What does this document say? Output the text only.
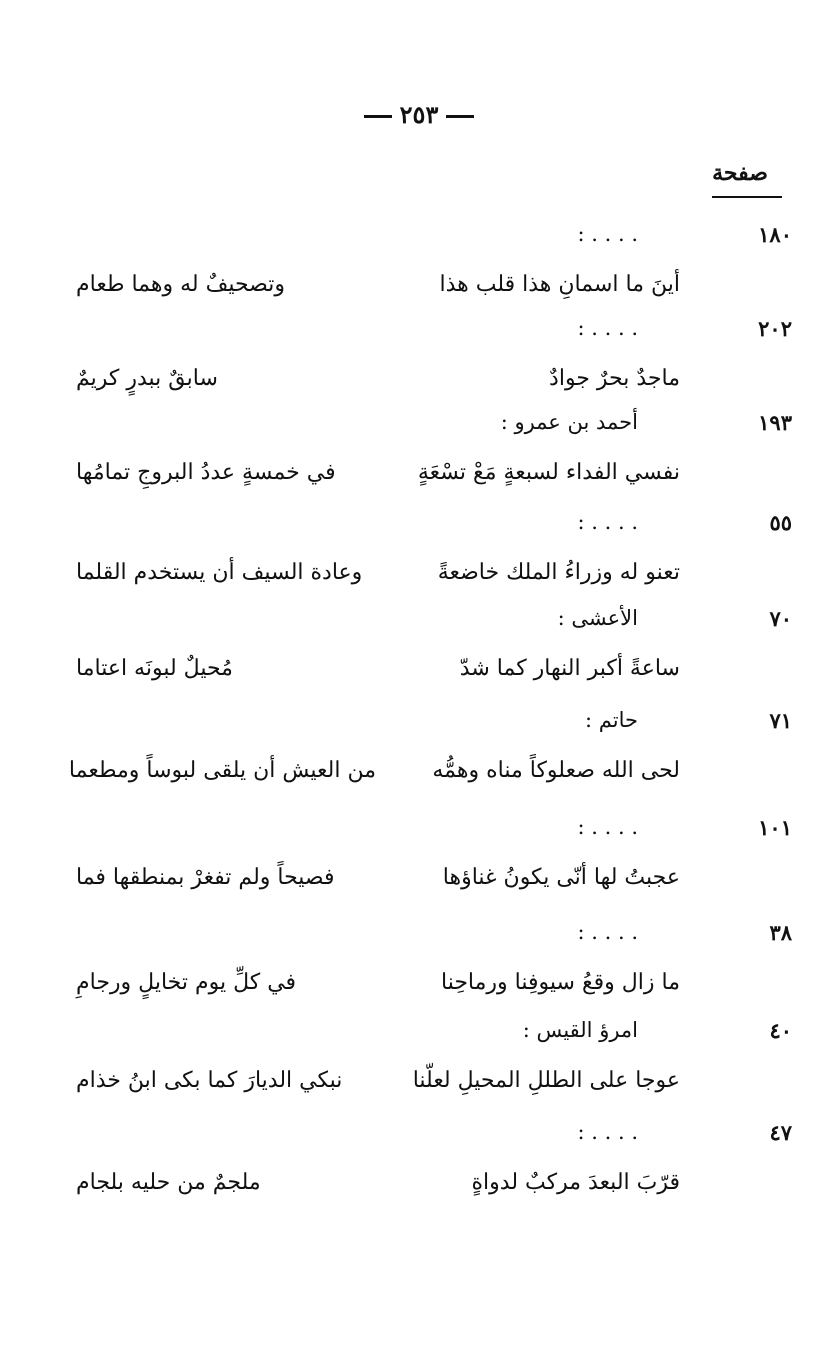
٢٥٣
صفحة
١٨٠
. . . . :
أينَ ما اسمانِ هذا قلب هذا
وتصحيفٌ له وهما طعام
٢٠٢
. . . . :
ماجدٌ بحرٌ جوادٌ
سابقٌ ببدرٍ كريمٌ
١٩٣
أحمد بن عمرو :
نفسي الفداء لسبعةٍ مَعْ تسْعَةٍ
في خمسةٍ عددُ البروجِ تمامُها
٥٥
. . . . :
تعنو له وزراءُ الملك خاضعةً
وعادة السيف أن يستخدم القلما
٧٠
الأعشى :
ساعةً أكبر النهار كما شدّ
مُحيلٌ لبونَه اعتاما
٧١
حاتم :
لحى الله صعلوكاً مناه وهمُّه
من العيش أن يلقى لبوساً ومطعما
١٠١
. . . . :
عجبتُ لها أنّى يكونُ غناؤها
فصيحاً ولم تفغرْ بمنطقها فما
٣٨
. . . . :
ما زال وقعُ سيوفِنا ورماحِنا
في كلِّ يوم تخايلٍ ورجامِ
٤٠
امرؤ القيس :
عوجا على الطللِ المحيلِ لعلّنا
نبكي الديارَ كما بكى ابنُ خذام
٤٧
. . . . :
قرّبَ البعدَ مركبٌ لدواةٍ
ملجمٌ من حليه بلجام
